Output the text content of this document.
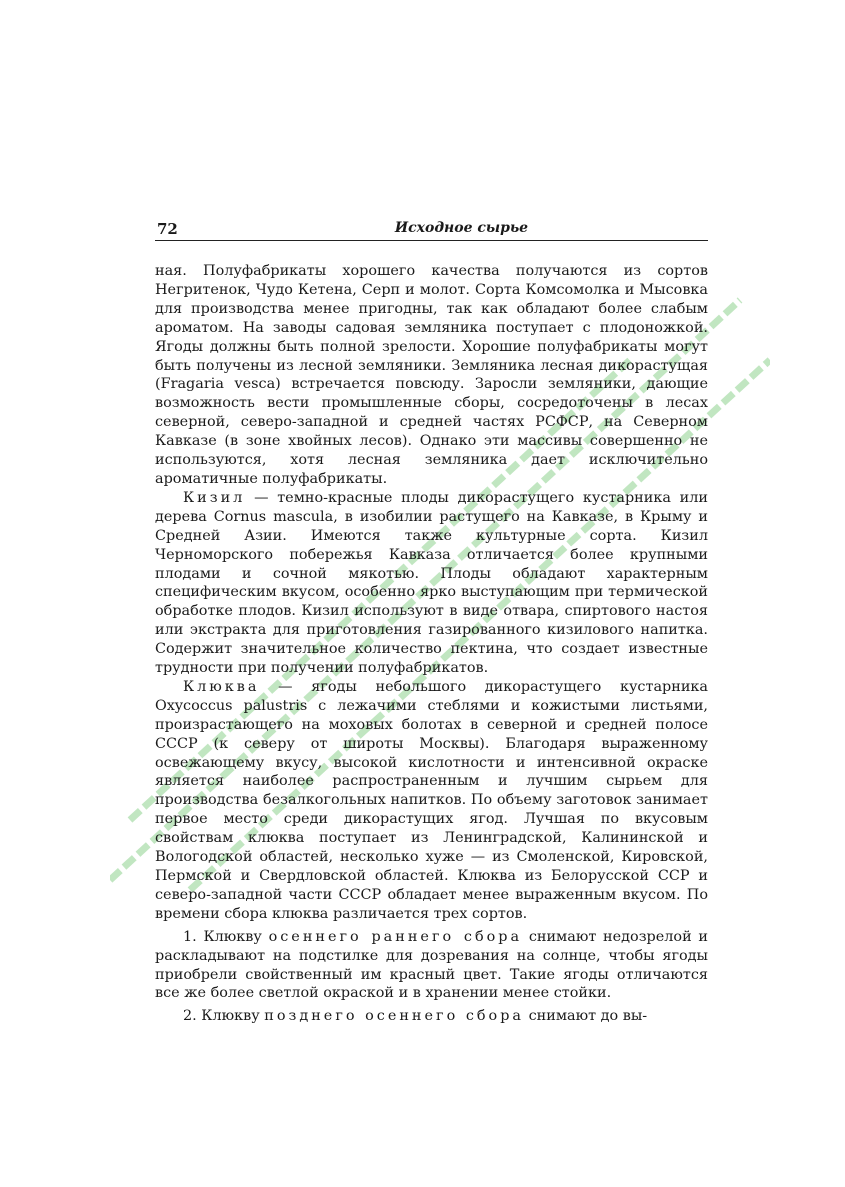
72	Исходное сырье

ная. Полуфабрикаты хорошего качества получаются из сортов Негритенок, Чудо Кетена, Серп и молот. Сорта Комсомолка и Мысовка для производства менее пригодны, так как обладают более слабым ароматом. На заводы садовая земляника поступает с плодоножкой. Ягоды должны быть полной зрелости. Хорошие полуфабрикаты могут быть получены из лесной земляники. Земляника лесная дикорастущая (Fragaria vesca) встречается повсюду. Заросли земляники, дающие возможность вести промышленные сборы, сосредоточены в лесах северной, северо-западной и средней частях РСФСР, на Северном Кавказе (в зоне хвойных лесов). Однако эти массивы совершенно не используются, хотя лесная земляника дает исключительно ароматичные полуфабрикаты.

Кизил — темно-красные плоды дикорастущего кустарника или дерева Cornus mascula, в изобилии растущего на Кавказе, в Крыму и Средней Азии. Имеются также культурные сорта. Кизил Черноморского побережья Кавказа отличается более крупными плодами и сочной мякотью. Плоды обладают характерным специфическим вкусом, особенно ярко выступающим при термической обработке плодов. Кизил используют в виде отвара, спиртового настоя или экстракта для приготовления газированного кизилового напитка. Содержит значительное количество пектина, что создает известные трудности при получении полуфабрикатов.

Клюква — ягоды небольшого дикорастущего кустарника Oxycoccus palustris с лежачими стеблями и кожистыми листьями, произрастающего на моховых болотах в северной и средней полосе СССР (к северу от широты Москвы). Благодаря выраженному освежающему вкусу, высокой кислотности и интенсивной окраске является наиболее распространенным и лучшим сырьем для производства безалкогольных напитков. По объему заготовок занимает первое место среди дикорастущих ягод. Лучшая по вкусовым свойствам клюква поступает из Ленинградской, Калининской и Вологодской областей, несколько хуже — из Смоленской, Кировской, Пермской и Свердловской областей. Клюква из Белорусской ССР и северо-западной части СССР обладает менее выраженным вкусом. По времени сбора клюква различается трех сортов.

1. Клюкву осеннего раннего сбора снимают недозрелой и раскладывают на подстилке для дозревания на солнце, чтобы ягоды приобрели свойственный им красный цвет. Такие ягоды отличаются все же более светлой окраской и в хранении менее стойки.

2. Клюкву позднего осеннего сбора снимают до вы-
